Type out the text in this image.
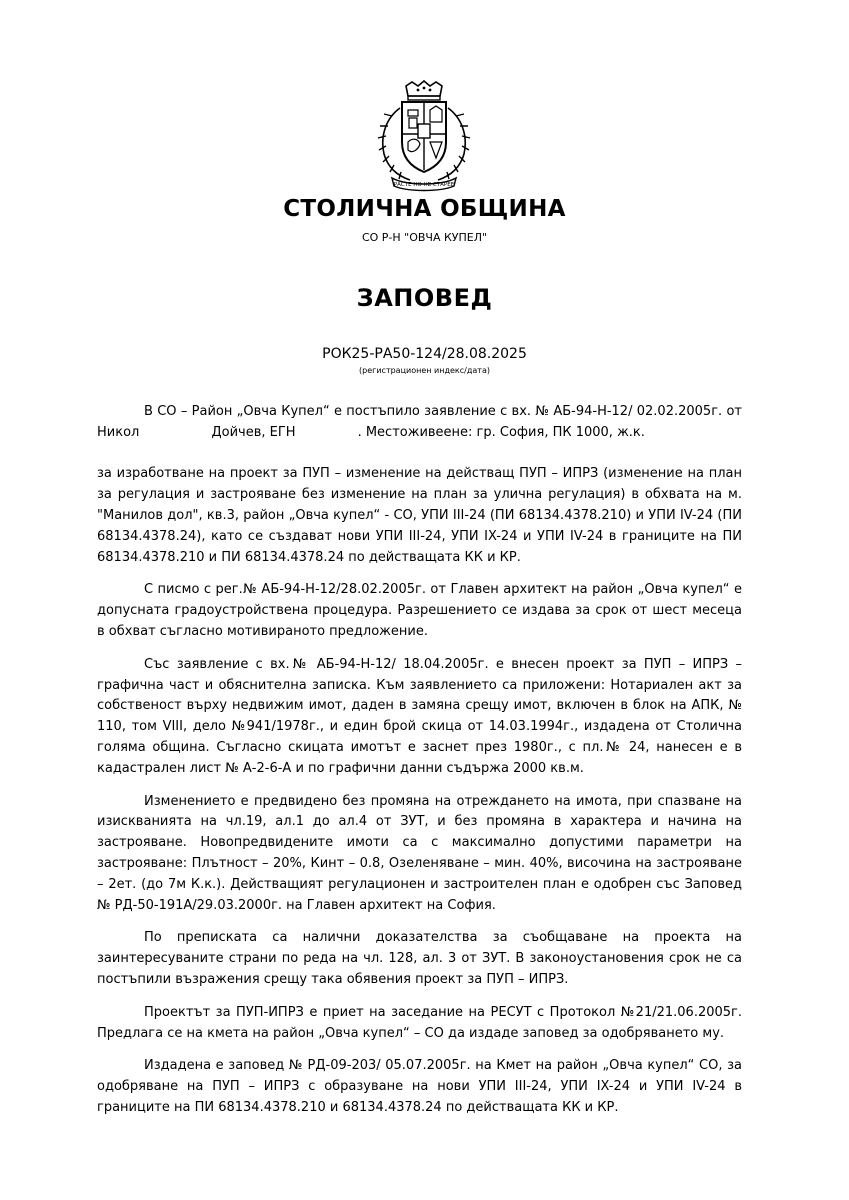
РАСТЕ НО НЕ СТАРЕЕ
СТОЛИЧНА ОБЩИНА
СО Р-Н "ОВЧА КУПЕЛ"
ЗАПОВЕД
РОК25-РА50-124/28.08.2025
(регистрационен индекс/дата)

В СО – Район „Овча Купел“ е постъпило заявление с вх. № АБ-94-Н-12/ 02.02.2005г. от Никол	Дойчев, ЕГН	. Местоживеене: гр. София, ПК 1000, ж.к.
за изработване на проект за ПУП – изменение на действащ ПУП – ИПРЗ (изменение на план за регулация и застрояване без изменение на план за улична регулация) в обхвата на м. "Манилов дол", кв.3, район „Овча купел“ - СО, УПИ III-24 (ПИ 68134.4378.210) и УПИ IV-24 (ПИ 68134.4378.24), като се създават нови УПИ III-24, УПИ IX-24 и УПИ IV-24 в границите на ПИ 68134.4378.210 и ПИ 68134.4378.24 по действащата КК и КР.

С писмо с рег.№ АБ-94-Н-12/28.02.2005г. от Главен архитект на район „Овча купел“ е допусната градоустройствена процедура. Разрешението се издава за срок от шест месеца в обхват съгласно мотивираното предложение.

Със заявление с вх.№ АБ-94-Н-12/ 18.04.2005г. е внесен проект за ПУП – ИПРЗ – графична част и обяснителна записка. Към заявлението са приложени: Нотариален акт за собственост върху недвижим имот, даден в замяна срещу имот, включен в блок на АПК, № 110, том VIII, дело №941/1978г., и един брой скица от 14.03.1994г., издадена от Столична голяма община. Съгласно скицата имотът е заснет през 1980г., с пл.№ 24, нанесен е в кадастрален лист № А-2-6-А и по графични данни съдържа 2000 кв.м.

Изменението е предвидено без промяна на отреждането на имота, при спазване на изискванията на чл.19, ал.1 до ал.4 от ЗУТ, и без промяна в характера и начина на застрояване. Новопредвидените имоти са с максимално допустими параметри на застрояване: Плътност – 20%, Кинт – 0.8, Озеленяване – мин. 40%, височина на застрояване – 2ет. (до 7м К.к.). Действащият регулационен и застроителен план е одобрен със Заповед № РД-50-191А/29.03.2000г. на Главен архитект на София.

По преписката са налични доказателства за съобщаване на проекта на заинтересуваните страни по реда на чл. 128, ал. 3 от ЗУТ. В законоустановения срок не са постъпили възражения срещу така обявения проект за ПУП – ИПРЗ.

Проектът за ПУП-ИПРЗ е приет на заседание на РЕСУТ с Протокол №21/21.06.2005г. Предлага се на кмета на район „Овча купел“ – СО да издаде заповед за одобряването му.

Издадена е заповед № РД-09-203/ 05.07.2005г. на Кмет на район „Овча купел“ СО, за одобряване на ПУП – ИПРЗ с образуване на нови УПИ III-24, УПИ IX-24 и УПИ IV-24 в границите на ПИ 68134.4378.210 и 68134.4378.24 по действащата КК и КР.
